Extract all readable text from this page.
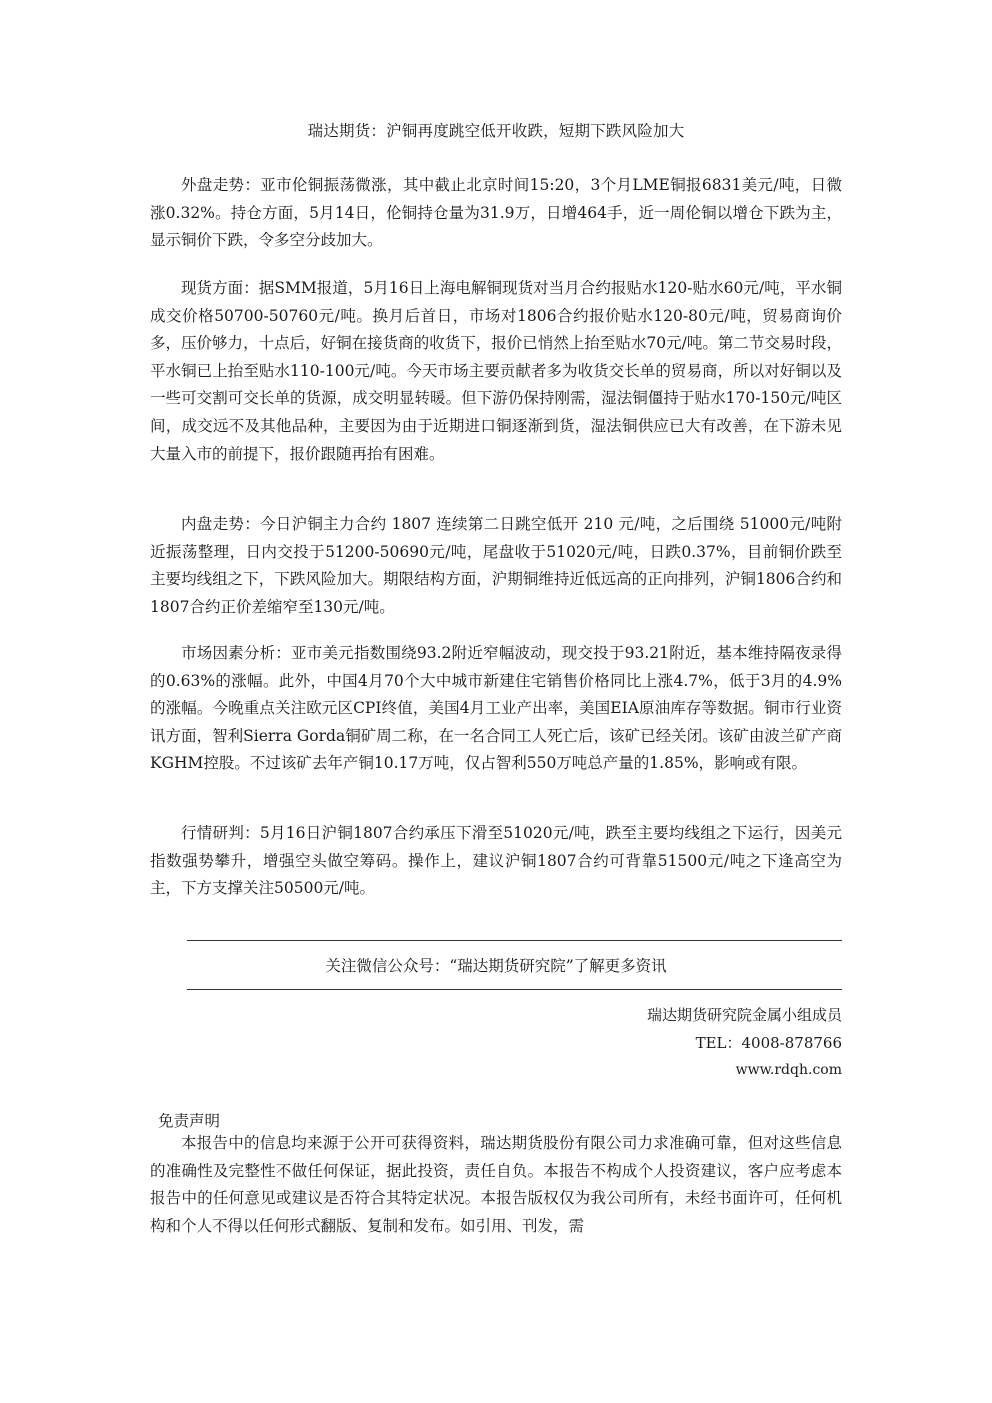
瑞达期货：沪铜再度跳空低开收跌，短期下跌风险加大

外盘走势：亚市伦铜振荡微涨，其中截止北京时间15:20，3个月LME铜报6831美元/吨，日微涨0.32%。持仓方面，5月14日，伦铜持仓量为31.9万，日增464手，近一周伦铜以增仓下跌为主，显示铜价下跌，令多空分歧加大。

现货方面：据SMM报道，5月16日上海电解铜现货对当月合约报贴水120-贴水60元/吨，平水铜成交价格50700-50760元/吨。换月后首日，市场对1806合约报价贴水120-80元/吨，贸易商询价多，压价够力，十点后，好铜在接货商的收货下，报价已悄然上抬至贴水70元/吨。第二节交易时段，平水铜已上抬至贴水110-100元/吨。今天市场主要贡献者多为收货交长单的贸易商，所以对好铜以及一些可交割可交长单的货源，成交明显转暖。但下游仍保持刚需，湿法铜僵持于贴水170-150元/吨区间，成交远不及其他品种，主要因为由于近期进口铜逐渐到货，湿法铜供应已大有改善，在下游未见大量入市的前提下，报价跟随再抬有困难。

内盘走势：今日沪铜主力合约 1807 连续第二日跳空低开 210 元/吨，之后围绕 51000元/吨附近振荡整理，日内交投于51200-50690元/吨，尾盘收于51020元/吨，日跌0.37%，目前铜价跌至主要均线组之下，下跌风险加大。期限结构方面，沪期铜维持近低远高的正向排列，沪铜1806合约和1807合约正价差缩窄至130元/吨。

市场因素分析：亚市美元指数围绕93.2附近窄幅波动，现交投于93.21附近，基本维持隔夜录得的0.63%的涨幅。此外，中国4月70个大中城市新建住宅销售价格同比上涨4.7%，低于3月的4.9%的涨幅。今晚重点关注欧元区CPI终值，美国4月工业产出率，美国EIA原油库存等数据。铜市行业资讯方面，智利Sierra Gorda铜矿周二称，在一名合同工人死亡后，该矿已经关闭。该矿由波兰矿产商KGHM控股。不过该矿去年产铜10.17万吨，仅占智利550万吨总产量的1.85%，影响或有限。

行情研判：5月16日沪铜1807合约承压下滑至51020元/吨，跌至主要均线组之下运行，因美元指数强势攀升，增强空头做空筹码。操作上，建议沪铜1807合约可背靠51500元/吨之下逢高空为主，下方支撑关注50500元/吨。

关注微信公众号：“瑞达期货研究院”了解更多资讯
瑞达期货研究院金属小组成员
TEL：4008-878766
www.rdqh.com
免责声明

本报告中的信息均来源于公开可获得资料，瑞达期货股份有限公司力求准确可靠，但对这些信息的准确性及完整性不做任何保证，据此投资，责任自负。本报告不构成个人投资建议，客户应考虑本报告中的任何意见或建议是否符合其特定状况。本报告版权仅为我公司所有，未经书面许可，任何机构和个人不得以任何形式翻版、复制和发布。如引用、刊发，需
